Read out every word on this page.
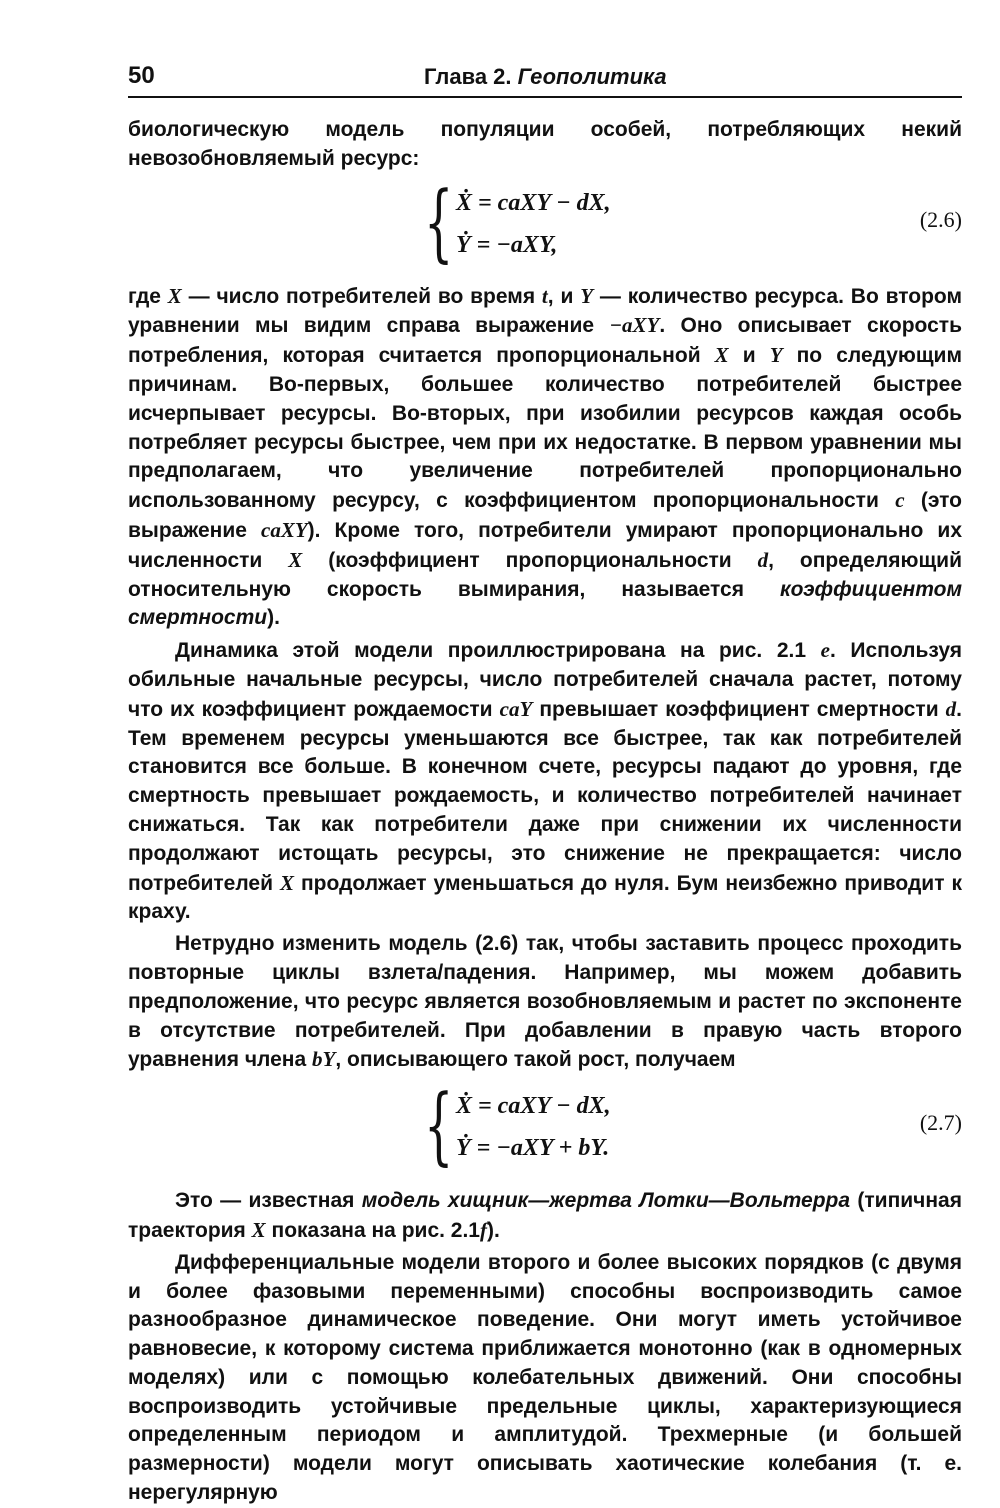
50	Глава 2. Геополитика

биологическую модель популяции особей, потребляющих некий невозобновляемый ресурс:

{ Ẋ = caXY − dX,
Ẏ = −aXY,
(2.6)

где X — число потребителей во время t, и Y — количество ресурса. Во втором уравнении мы видим справа выражение −aXY. Оно описывает скорость потребления, которая считается пропорциональной X и Y по следующим причинам. Во-первых, большее количество потребителей быстрее исчерпывает ресурсы. Во-вторых, при изобилии ресурсов каждая особь потребляет ресурсы быстрее, чем при их недостатке. В первом уравнении мы предполагаем, что увеличение потребителей пропорционально использованному ресурсу, с коэффициентом пропорциональности c (это выражение caXY). Кроме того, потребители умирают пропорционально их численности X (коэффициент пропорциональности d, определяющий относительную скорость вымирания, называется коэффициентом смертности).

Динамика этой модели проиллюстрирована на рис. 2.1 e. Используя обильные начальные ресурсы, число потребителей сначала растет, потому что их коэффициент рождаемости caY превышает коэффициент смертности d. Тем временем ресурсы уменьшаются все быстрее, так как потребителей становится все больше. В конечном счете, ресурсы падают до уровня, где смертность превышает рождаемость, и количество потребителей начинает снижаться. Так как потребители даже при снижении их численности продолжают истощать ресурсы, это снижение не прекращается: число потребителей X продолжает уменьшаться до нуля. Бум неизбежно приводит к краху.

Нетрудно изменить модель (2.6) так, чтобы заставить процесс проходить повторные циклы взлета/падения. Например, мы можем добавить предположение, что ресурс является возобновляемым и растет по экспоненте в отсутствие потребителей. При добавлении в правую часть второго уравнения члена bY, описывающего такой рост, получаем

{ Ẋ = caXY − dX,
Ẏ = −aXY + bY.
(2.7)

Это — известная модель хищник—жертва Лотки—Вольтерра (типичная траектория X показана на рис. 2.1f).

Дифференциальные модели второго и более высоких порядков (с двумя и более фазовыми переменными) способны воспроизводить самое разнообразное динамическое поведение. Они могут иметь устойчивое равновесие, к которому система приближается монотонно (как в одномерных моделях) или с помощью колебательных движений. Они способны воспроизводить устойчивые предельные циклы, характеризующиеся определенным периодом и амплитудой. Трехмерные (и большей размерности) модели могут описывать хаотические колебания (т. е. нерегулярную
